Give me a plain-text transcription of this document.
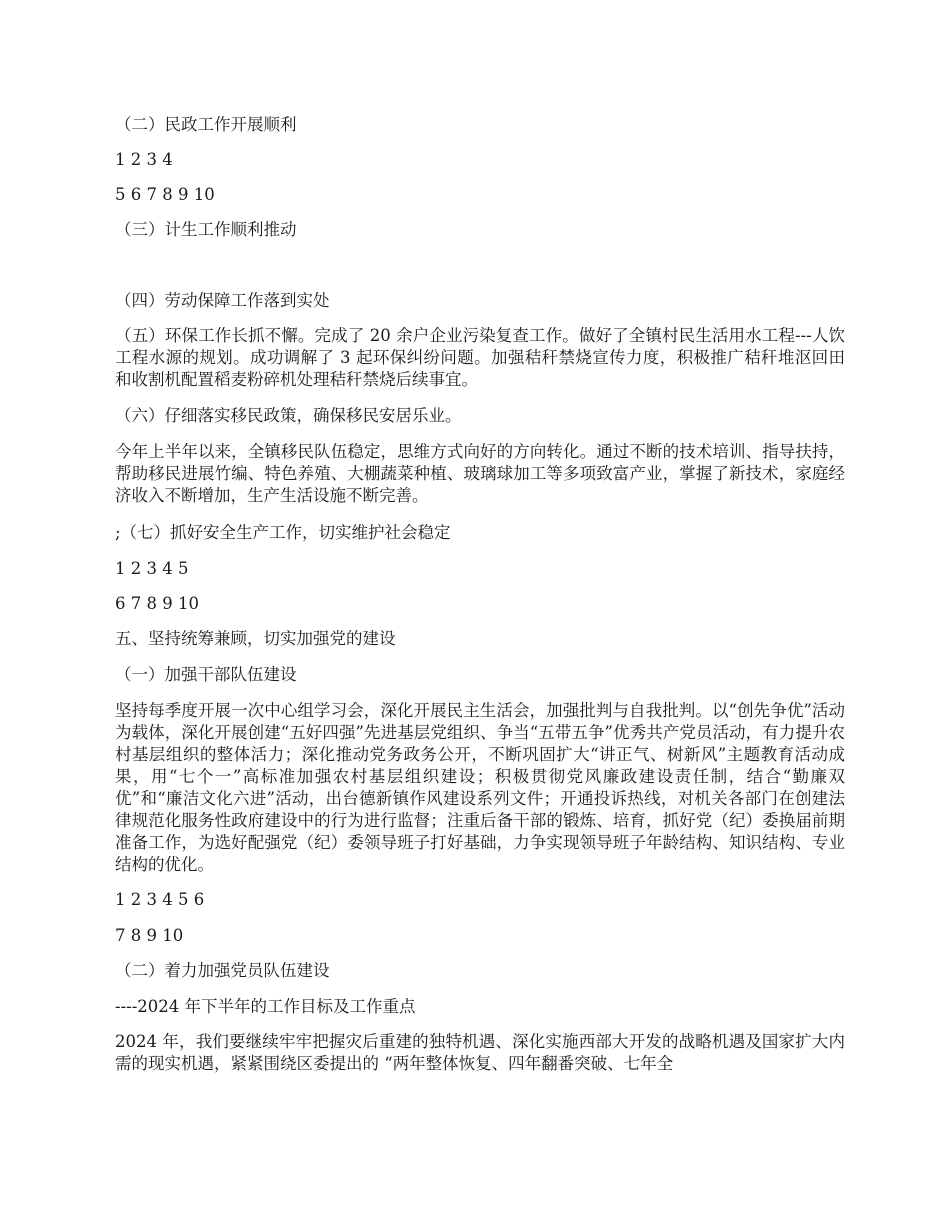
（二）民政工作开展顺利
1 2 3 4
5 6 7 8 9 10
（三）计生工作顺利推动
（四）劳动保障工作落到实处
（五）环保工作长抓不懈。完成了 20 余户企业污染复查工作。做好了全镇村民生活用水工程---人饮工程水源的规划。成功调解了 3 起环保纠纷问题。加强秸秆禁烧宣传力度，积极推广秸秆堆沤回田和收割机配置稻麦粉碎机处理秸秆禁烧后续事宜。
（六）仔细落实移民政策，确保移民安居乐业。
今年上半年以来，全镇移民队伍稳定，思维方式向好的方向转化。通过不断的技术培训、指导扶持，帮助移民进展竹编、特色养殖、大棚蔬菜种植、玻璃球加工等多项致富产业，掌握了新技术，家庭经济收入不断增加，生产生活设施不断完善。
;（七）抓好安全生产工作，切实维护社会稳定
1 2 3 4 5
6 7 8 9 10
五、坚持统筹兼顾，切实加强党的建设
（一）加强干部队伍建设
坚持每季度开展一次中心组学习会，深化开展民主生活会，加强批判与自我批判。以“创先争优”活动为载体，深化开展创建“五好四强”先进基层党组织、争当“五带五争”优秀共产党员活动，有力提升农村基层组织的整体活力；深化推动党务政务公开，不断巩固扩大“讲正气、树新风”主题教育活动成果，用“七个一”高标准加强农村基层组织建设；积极贯彻党风廉政建设责任制，结合“勤廉双优”和“廉洁文化六进”活动，出台德新镇作风建设系列文件；开通投诉热线，对机关各部门在创建法律规范化服务性政府建设中的行为进行监督；注重后备干部的锻炼、培育，抓好党（纪）委换届前期准备工作，为选好配强党（纪）委领导班子打好基础，力争实现领导班子年龄结构、知识结构、专业结构的优化。
1 2 3 4 5 6
7 8 9 10
（二）着力加强党员队伍建设
----2024 年下半年的工作目标及工作重点
2024 年，我们要继续牢牢把握灾后重建的独特机遇、深化实施西部大开发的战略机遇及国家扩大内需的现实机遇，紧紧围绕区委提出的 “两年整体恢复、四年翻番突破、七年全
